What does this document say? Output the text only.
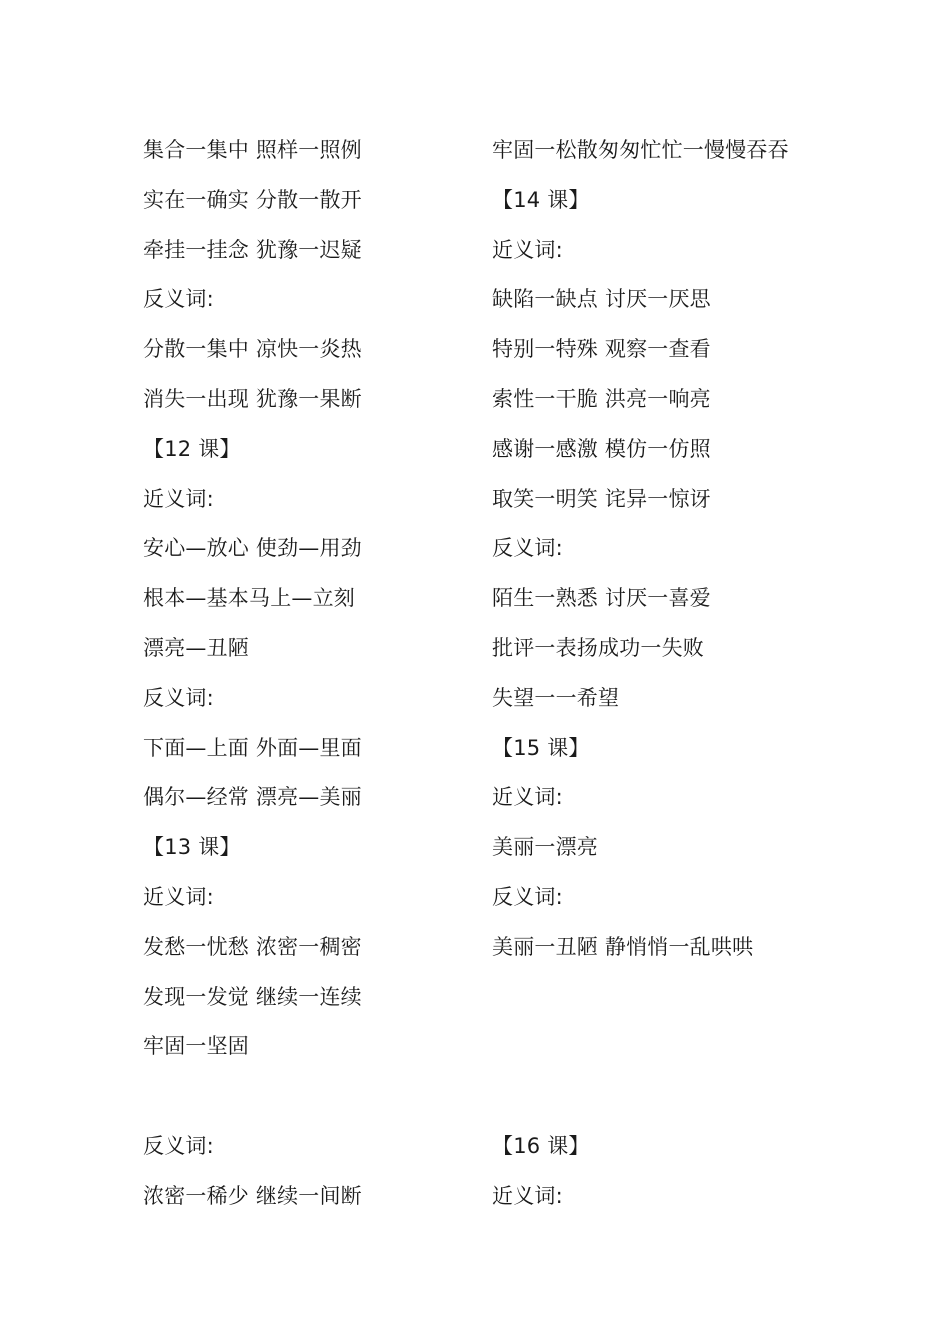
集合一集中 照样一照例
实在一确实 分散一散开
牵挂一挂念 犹豫一迟疑
反义词:
分散一集中 凉快一炎热
消失一出现 犹豫一果断
【12 课】
近义词:
安心—放心 使劲—用劲
根本—基本马上—立刻
漂亮—丑陋
反义词:
下面—上面 外面—里面
偶尔—经常 漂亮—美丽
【13 课】
近义词:
发愁一忧愁 浓密一稠密
发现一发觉 继续一连续
牢固一坚固
牢固一松散匆匆忙忙一慢慢吞吞
【14 课】
近义词:
缺陷一缺点 讨厌一厌思
特别一特殊 观察一查看
索性一干脆 洪亮一响亮
感谢一感激 模仿一仿照
取笑一明笑 诧异一惊讶
反义词:
陌生一熟悉 讨厌一喜爱
批评一表扬成功一失败
失望一一希望
【15 课】
近义词:
美丽一漂亮
反义词:
美丽一丑陋 静悄悄一乱哄哄
反义词:
浓密一稀少 继续一间断
【16 课】
近义词:
